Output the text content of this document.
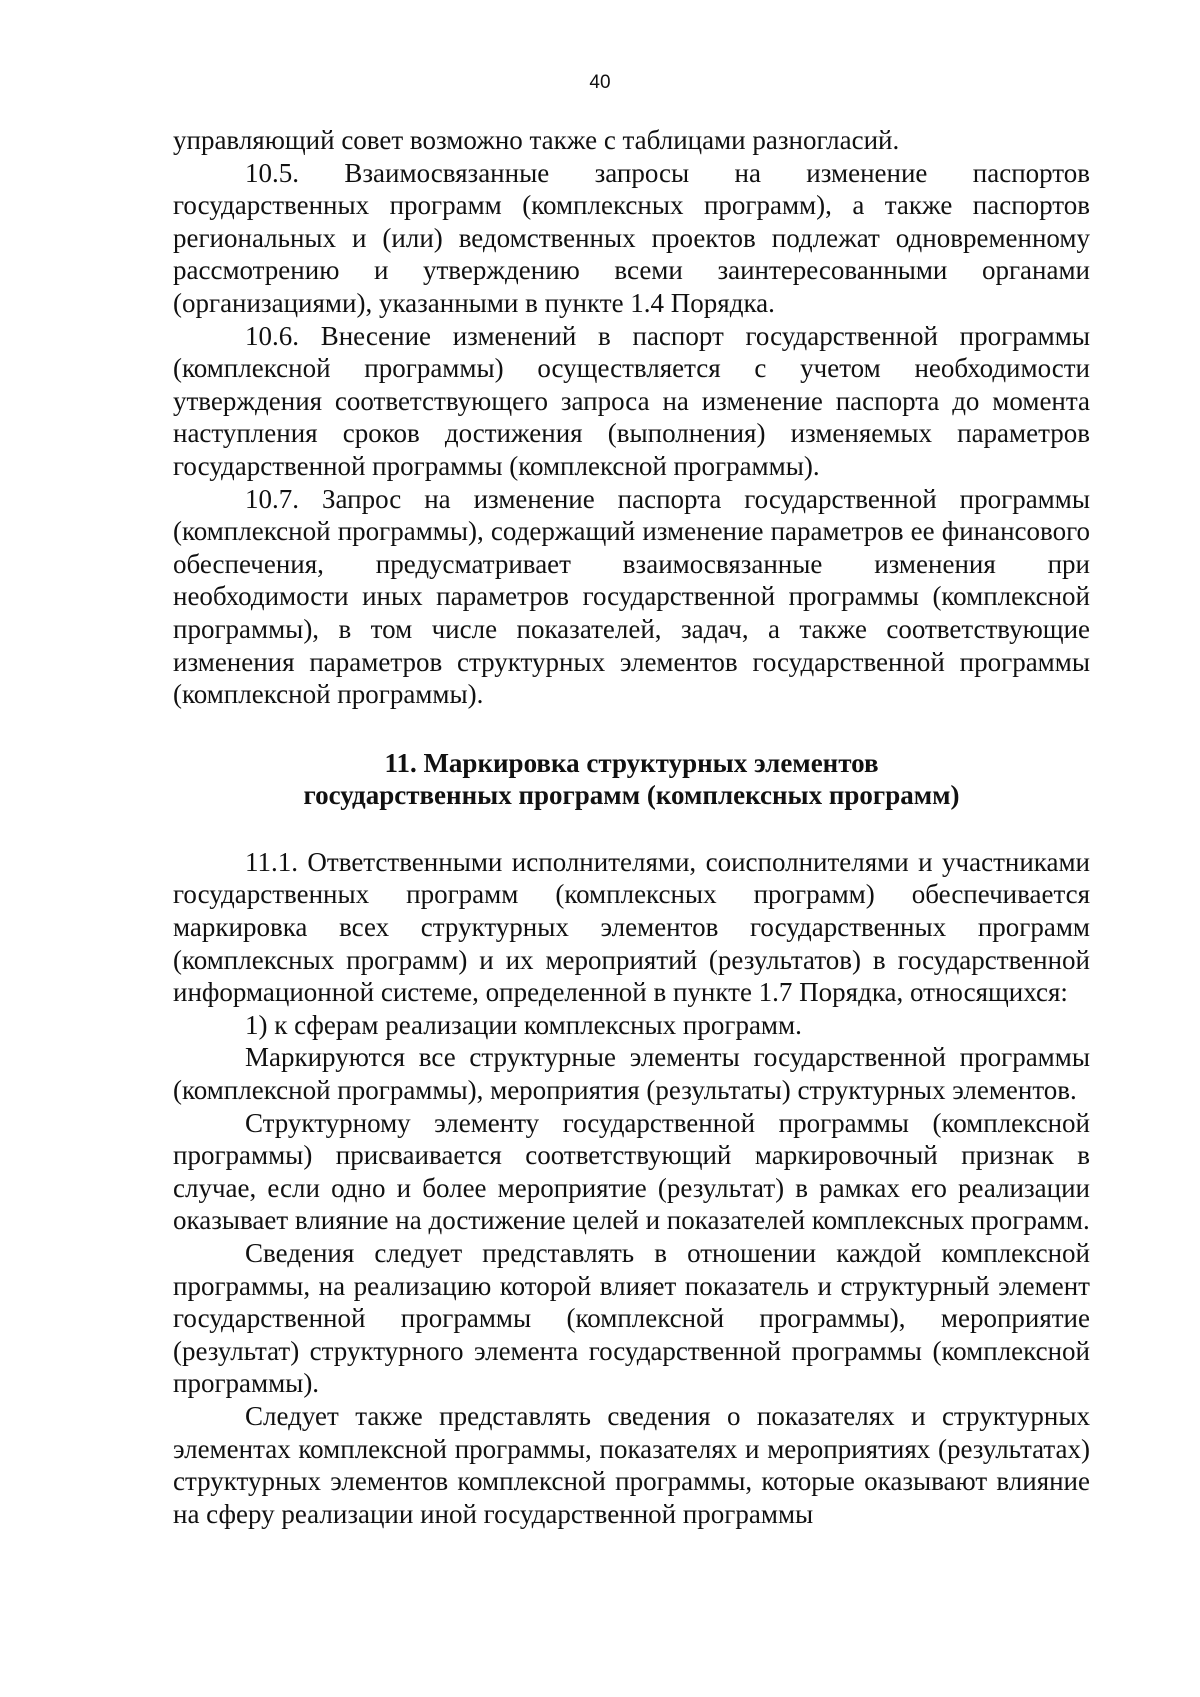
40

управляющий совет возможно также с таблицами разногласий.

10.5. Взаимосвязанные запросы на изменение паспортов государственных программ (комплексных программ), а также паспортов региональных и (или) ведомственных проектов подлежат одновременному рассмотрению и утверждению всеми заинтересованными органами (организациями), указанными в пункте 1.4 Порядка.

10.6. Внесение изменений в паспорт государственной программы (комплексной программы) осуществляется с учетом необходимости утверждения соответствующего запроса на изменение паспорта до момента наступления сроков достижения (выполнения) изменяемых параметров государственной программы (комплексной программы).

10.7. Запрос на изменение паспорта государственной программы (комплексной программы), содержащий изменение параметров ее финансового обеспечения, предусматривает взаимосвязанные изменения при необходимости иных параметров государственной программы (комплексной программы), в том числе показателей, задач, а также соответствующие изменения параметров структурных элементов государственной программы (комплексной программы).

11. Маркировка структурных элементов
государственных программ (комплексных программ)

11.1. Ответственными исполнителями, соисполнителями и участниками государственных программ (комплексных программ) обеспечивается маркировка всех структурных элементов государственных программ (комплексных программ) и их мероприятий (результатов) в государственной информационной системе, определенной в пункте 1.7 Порядка, относящихся:

1) к сферам реализации комплексных программ.

Маркируются все структурные элементы государственной программы (комплексной программы), мероприятия (результаты) структурных элементов.

Структурному элементу государственной программы (комплексной программы) присваивается соответствующий маркировочный признак в случае, если одно и более мероприятие (результат) в рамках его реализации оказывает влияние на достижение целей и показателей комплексных программ.

Сведения следует представлять в отношении каждой комплексной программы, на реализацию которой влияет показатель и структурный элемент государственной программы (комплексной программы), мероприятие (результат) структурного элемента государственной программы (комплексной программы).

Следует также представлять сведения о показателях и структурных элементах комплексной программы, показателях и мероприятиях (результатах) структурных элементов комплексной программы, которые оказывают влияние на сферу реализации иной государственной программы
